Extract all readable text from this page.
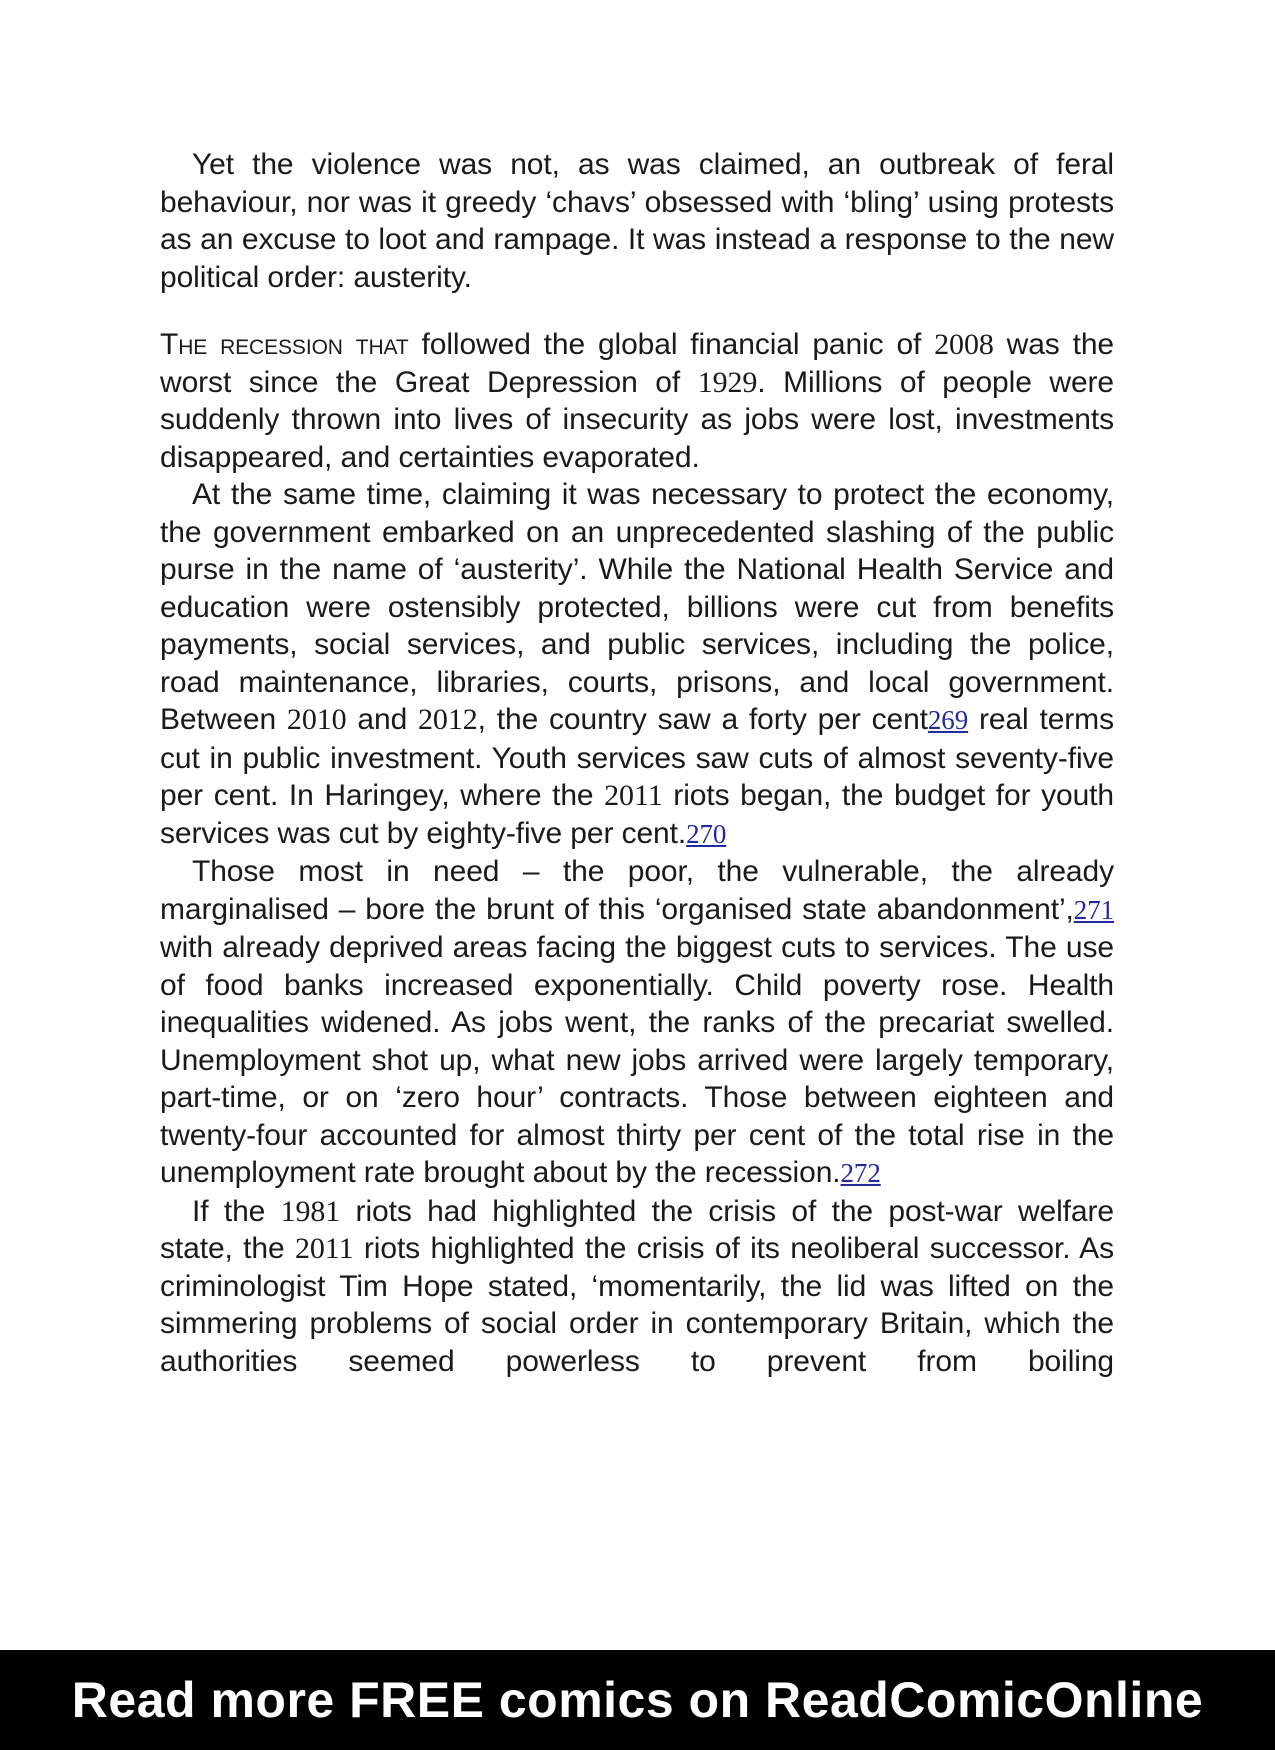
Yet the violence was not, as was claimed, an outbreak of feral behaviour, nor was it greedy ‘chavs’ obsessed with ‘bling’ using protests as an excuse to loot and rampage. It was instead a response to the new political order: austerity.

The recession that followed the global financial panic of 2008 was the worst since the Great Depression of 1929. Millions of people were suddenly thrown into lives of insecurity as jobs were lost, investments disappeared, and certainties evaporated.

At the same time, claiming it was necessary to protect the economy, the government embarked on an unprecedented slashing of the public purse in the name of ‘austerity’. While the National Health Service and education were ostensibly protected, billions were cut from benefits payments, social services, and public services, including the police, road maintenance, libraries, courts, prisons, and local government. Between 2010 and 2012, the country saw a forty per cent269 real terms cut in public investment. Youth services saw cuts of almost seventy-five per cent. In Haringey, where the 2011 riots began, the budget for youth services was cut by eighty-five per cent.270

Those most in need – the poor, the vulnerable, the already marginalised – bore the brunt of this ‘organised state abandonment’,271 with already deprived areas facing the biggest cuts to services. The use of food banks increased exponentially. Child poverty rose. Health inequalities widened. As jobs went, the ranks of the precariat swelled. Unemployment shot up, what new jobs arrived were largely temporary, part-time, or on ‘zero hour’ contracts. Those between eighteen and twenty-four accounted for almost thirty per cent of the total rise in the unemployment rate brought about by the recession.272

If the 1981 riots had highlighted the crisis of the post-war welfare state, the 2011 riots highlighted the crisis of its neoliberal successor. As criminologist Tim Hope stated, ‘momentarily, the lid was lifted on the simmering problems of social order in contemporary Britain, which the authorities seemed powerless to prevent from boiling

Read more FREE comics on ReadComicOnline
